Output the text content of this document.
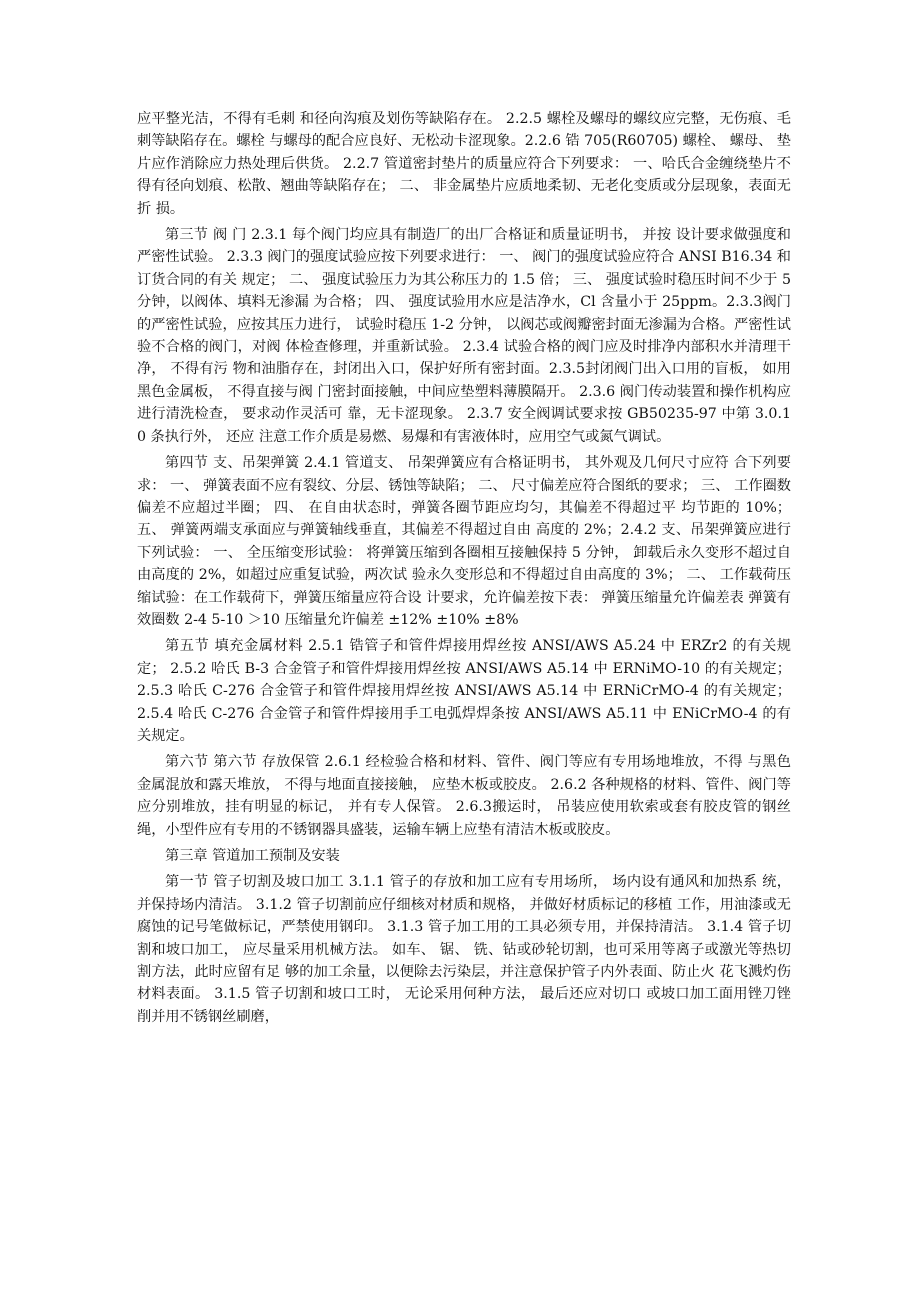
应平整光洁，不得有毛刺 和径向沟痕及划伤等缺陷存在。 2.2.5 螺栓及螺母的螺纹应完整，无伤痕、毛刺等缺陷存在。螺栓 与螺母的配合应良好、无松动卡涩现象。2.2.6 锆 705(R60705) 螺栓、 螺母、 垫片应作消除应力热处理后供货。 2.2.7 管道密封垫片的质量应符合下列要求： 一、哈氏合金缠绕垫片不得有径向划痕、松散、翘曲等缺陷存在； 二、 非金属垫片应质地柔韧、无老化变质或分层现象，表面无折 损。

第三节 阀 门 2.3.1 每个阀门均应具有制造厂的出厂合格证和质量证明书， 并按 设计要求做强度和严密性试验。 2.3.3 阀门的强度试验应按下列要求进行： 一、 阀门的强度试验应符合 ANSI B16.34 和订货合同的有关 规定； 二、 强度试验压力为其公称压力的 1.5 倍； 三、 强度试验时稳压时间不少于 5 分钟，以阀体、填料无渗漏 为合格； 四、 强度试验用水应是洁净水，Cl 含量小于 25ppm。2.3.3阀门的严密性试验，应按其压力进行， 试验时稳压 1-2 分钟， 以阀芯或阀瓣密封面无渗漏为合格。严密性试验不合格的阀门，对阀 体检查修理，并重新试验。 2.3.4 试验合格的阀门应及时排净内部积水并清理干净， 不得有污 物和油脂存在，封闭出入口，保护好所有密封面。2.3.5封闭阀门出入口用的盲板， 如用黑色金属板， 不得直接与阀 门密封面接触，中间应垫塑料薄膜隔开。 2.3.6 阀门传动装置和操作机构应进行清洗检查， 要求动作灵活可 靠，无卡涩现象。 2.3.7 安全阀调试要求按 GB50235-97 中第 3.0.10 条执行外， 还应 注意工作介质是易燃、易爆和有害液体时，应用空气或氮气调试。

第四节 支、吊架弹簧 2.4.1 管道支、 吊架弹簧应有合格证明书， 其外观及几何尺寸应符 合下列要求： 一、 弹簧表面不应有裂纹、分层、锈蚀等缺陷； 二、 尺寸偏差应符合图纸的要求； 三、 工作圈数偏差不应超过半圈； 四、 在自由状态时，弹簧各圈节距应均匀，其偏差不得超过平 均节距的 10%； 五、 弹簧两端支承面应与弹簧轴线垂直，其偏差不得超过自由 高度的 2%；2.4.2 支、吊架弹簧应进行下列试验： 一、 全压缩变形试验： 将弹簧压缩到各圈相互接触保持 5 分钟， 卸载后永久变形不超过自由高度的 2%，如超过应重复试验，两次试 验永久变形总和不得超过自由高度的 3%； 二、 工作载荷压缩试验：在工作载荷下，弹簧压缩量应符合设 计要求，允许偏差按下表： 弹簧压缩量允许偏差表 弹簧有效圈数 2-4 5-10 ＞10 压缩量允许偏差 ±12% ±10% ±8%

第五节 填充金属材料 2.5.1 锆管子和管件焊接用焊丝按 ANSI/AWS A5.24 中 ERZr2 的有关规定； 2.5.2 哈氏 B-3 合金管子和管件焊接用焊丝按 ANSI/AWS A5.14 中 ERNiMO-10 的有关规定； 2.5.3 哈氏 C-276 合金管子和管件焊接用焊丝按 ANSI/AWS A5.14 中 ERNiCrMO-4 的有关规定； 2.5.4 哈氏 C-276 合金管子和管件焊接用手工电弧焊焊条按 ANSI/AWS A5.11 中 ENiCrMO-4 的有关规定。

第六节 第六节 存放保管 2.6.1 经检验合格和材料、管件、阀门等应有专用场地堆放，不得 与黑色金属混放和露天堆放， 不得与地面直接接触， 应垫木板或胶皮。 2.6.2 各种规格的材料、管件、阀门等应分别堆放，挂有明显的标记， 并有专人保管。 2.6.3搬运时， 吊装应使用软索或套有胶皮管的钢丝绳，小型件应有专用的不锈钢器具盛装，运输车辆上应垫有清洁木板或胶皮。

第三章 管道加工预制及安装

第一节 管子切割及坡口加工 3.1.1 管子的存放和加工应有专用场所， 场内设有通风和加热系 统，并保持场内清洁。 3.1.2 管子切割前应仔细核对材质和规格， 并做好材质标记的移植 工作，用油漆或无腐蚀的记号笔做标记，严禁使用钢印。 3.1.3 管子加工用的工具必须专用，并保持清洁。 3.1.4 管子切割和坡口加工， 应尽量采用机械方法。 如车、 锯、 铣、钻或砂轮切割，也可采用等离子或激光等热切割方法，此时应留有足 够的加工余量，以便除去污染层，并注意保护管子内外表面、防止火 花飞溅灼伤材料表面。 3.1.5 管子切割和坡口工时， 无论采用何种方法， 最后还应对切口 或坡口加工面用锉刀锉削并用不锈钢丝刷磨，
